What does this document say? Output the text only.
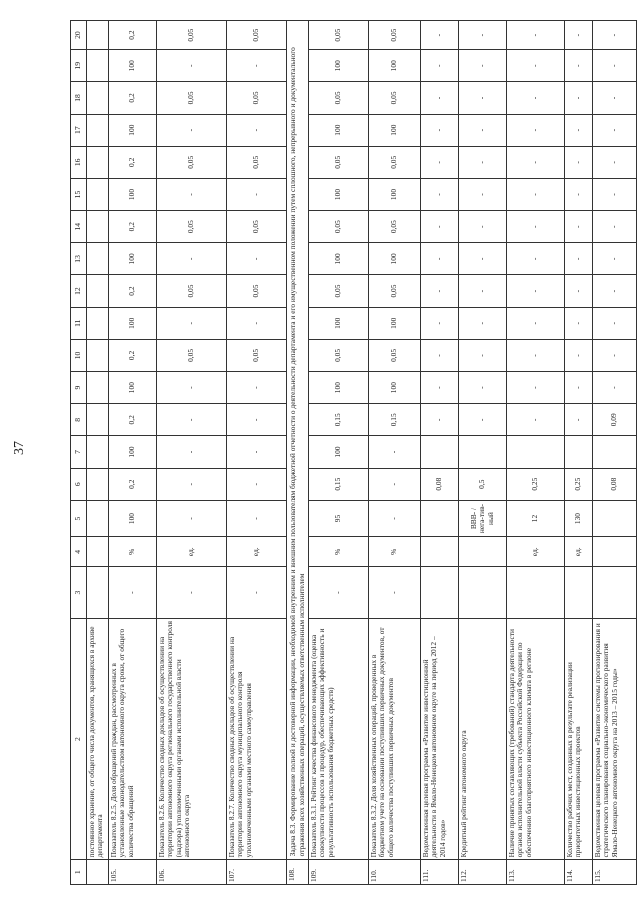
37
1	2	3	4	5	6	7	8	9	10	11	12	13	14	15	16	17	18	19	20
	постоянное хранение, от общего числа документов, хранящихся в архиве департамента																		
105.	Показатель 8.2.5. Доля обращений граждан, рассмотренных в установленные законодательством автономного округа сроки, от общего количества обращений	-	%	100	0,2	100	0,2	100	0,2	100	0,2	100	0,2	100	0,2	100	0,2	100	0,2
106.	Показатель 8.2.6. Количество сводных докладов об осуществлении на территории автономного округа регионального государственного контроля (надзора) уполномоченными органами исполнительной власти автономного округа	-	ед.	-	-	-	-	-	0,05	-	0,05	-	0,05	-	0,05	-	0,05	-	0,05
107.	Показатель 8.2.7. Количество сводных докладов об осуществлении на территории автономного округа муниципального контроля уполномоченными органами местного самоуправления	-	ед.	-	-	-	-	-	0,05	-	0,05	-	0,05	-	0,05	-	0,05	-	0,05
108.	Задача 8.3. Формирование полной и достоверной информации, необходимой внутренним и внешним пользователям бюджетной отчетности о деятельности департамента и его имущественном положении путем сплошного, непрерывного и документального отражения всех хозяйственных операций, осуществляемых ответственным исполнителем																		
109.	Показатель 8.3.1. Рейтинг качества финансового менеджмента (оценка совокупности процессов и процедур, обеспечивающих эффективность и результативность использования бюджетных средств)	-	%	95	0,15	100	0,15	100	0,05	100	0,05	100	0,05	100	0,05	100	0,05	100	0,05
110.	Показатель 8.3.2. Доля хозяйственных операций, проведенных в бюджетном учете на основании поступивших первичных документов, от общего количества поступивших первичных документов	-	%	-	-	-	0,15	100	0,05	100	0,05	100	0,05	100	0,05	100	0,05	100	0,05
111.	Ведомственная целевая программа «Развитие инвестиционной деятельности в Ямало-Ненецком автономном округе на период 2012 – 2014 годов»				0,08		-	-	-	-	-	-	-	-	-	-	-	-	-
112.	Кредитный рейтинг автономного округа			ВВВ- /нега-тив-ный	0,5		-	-	-	-	-	-	-	-	-	-	-	-	-
113.	Наличие принятых составляющих (требований) стандарта деятельности органов исполнительной власти субъекта Российской Федерации по обеспечению благоприятного инвестиционного климата в регионе		ед.	12	0,25		-	-	-	-	-	-	-	-	-	-	-	-	-
114.	Количество рабочих мест, созданных в результате реализации приоритетных инвестиционных проектов		ед.	130	0,25		-	-	-	-	-	-	-	-	-	-	-	-	-
115.	Ведомственная целевая программа «Развитие системы прогнозирования и стратегического планирования социально-экономического развития Ямало-Ненецкого автономного округа на 2013 – 2015 годы»				0,08		0,09	-	-	-	-	-	-	-	-	-	-	-	-
